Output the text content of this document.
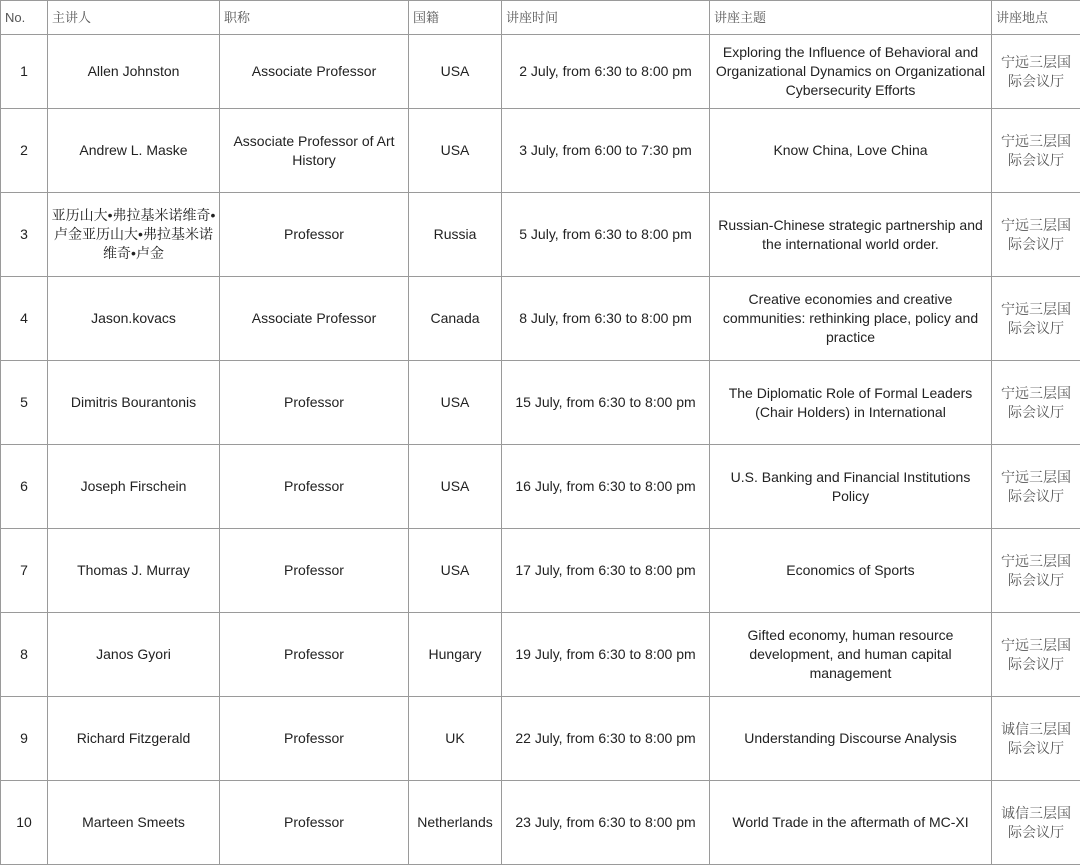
No.	主讲人	职称	国籍	讲座时间	讲座主题	讲座地点
1	Allen Johnston	Associate Professor	USA	2 July, from 6:30 to 8:00 pm	Exploring the Influence of Behavioral and Organizational Dynamics on Organizational Cybersecurity Efforts	宁远三层国际会议厅
2	Andrew L. Maske	Associate Professor of Art History	USA	3 July, from 6:00 to 7:30 pm	Know China, Love China	宁远三层国际会议厅
3	亚历山大•弗拉基米诺维奇•卢金亚历山大•弗拉基米诺维奇•卢金	Professor	Russia	5 July, from 6:30 to 8:00 pm	Russian-Chinese strategic partnership and the international world order.	宁远三层国际会议厅
4	Jason.kovacs	Associate Professor	Canada	8 July, from 6:30 to 8:00 pm	Creative economies and creative communities: rethinking place, policy and practice	宁远三层国际会议厅
5	Dimitris Bourantonis	Professor	USA	15 July, from 6:30 to 8:00 pm	The Diplomatic Role of Formal Leaders (Chair Holders) in International	宁远三层国际会议厅
6	Joseph Firschein	Professor	USA	16 July, from 6:30 to 8:00 pm	U.S. Banking and Financial Institutions Policy	宁远三层国际会议厅
7	Thomas J. Murray	Professor	USA	17 July, from 6:30 to 8:00 pm	Economics of Sports	宁远三层国际会议厅
8	Janos Gyori	Professor	Hungary	19 July, from 6:30 to 8:00 pm	Gifted economy, human resource development, and human capital management	宁远三层国际会议厅
9	Richard Fitzgerald	Professor	UK	22 July, from 6:30 to 8:00 pm	Understanding Discourse Analysis	诚信三层国际会议厅
10	Marteen Smeets	Professor	Netherlands	23 July, from 6:30 to 8:00 pm	World Trade in the aftermath of MC-XI	诚信三层国际会议厅
